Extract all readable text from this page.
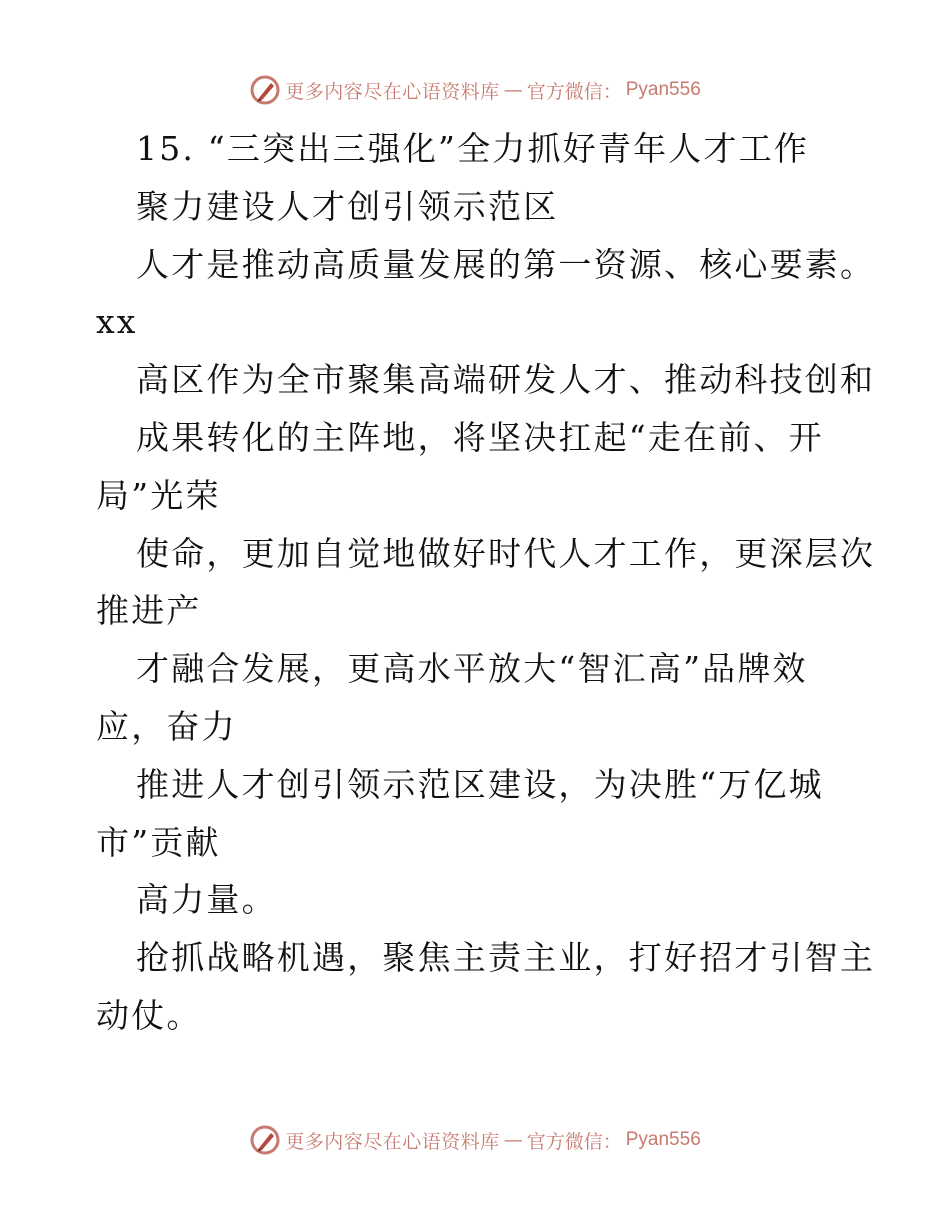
更多内容尽在心语资料库 — 官方微信： Pyan556
15. “三突出三强化”全力抓好青年人才工作
聚力建设人才创引领示范区
人才是推动高质量发展的第一资源、核心要素。
xx
高区作为全市聚集高端研发人才、推动科技创和
成果转化的主阵地，将坚决扛起“走在前、开
局”光荣
使命，更加自觉地做好时代人才工作，更深层次
推进产
才融合发展，更高水平放大“智汇高”品牌效
应，奋力
推进人才创引领示范区建设，为决胜“万亿城
市”贡献
高力量。
抢抓战略机遇，聚焦主责主业，打好招才引智主
动仗。
更多内容尽在心语资料库 — 官方微信： Pyan556
